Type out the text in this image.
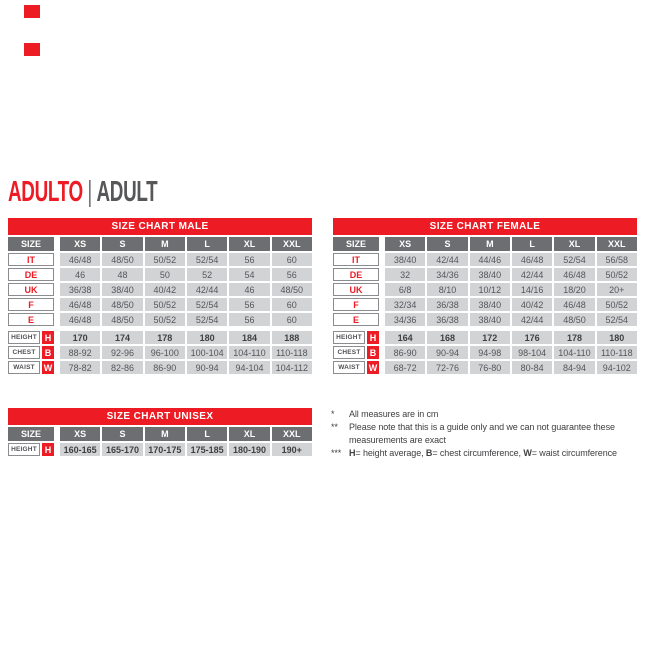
ADULTO | ADULT
SIZE CHART MALE
SIZE	XS	S	M	L	XL	XXL
IT	46/48	48/50	50/52	52/54	56	60
DE	46	48	50	52	54	56
UK	36/38	38/40	40/42	42/44	46	48/50
F	46/48	48/50	50/52	52/54	56	60
E	46/48	48/50	50/52	52/54	56	60
HEIGHT H	170	174	178	180	184	188
CHEST	B	88-92	92-96	96-100	100-104	104-110	110-118
WAIST W	78-82	82-86	86-90	90-94	94-104	104-112
SIZE CHART FEMALE
SIZE	XS	S	M	L	XL	XXL
IT	38/40	42/44	44/46	46/48	52/54	56/58
DE	32	34/36	38/40	42/44	46/48	50/52
UK	6/8	8/10	10/12	14/16	18/20	20+
F	32/34	36/38	38/40	40/42	46/48	50/52
E	34/36	36/38	38/40	42/44	48/50	52/54
HEIGHT H	164	168	172	176	178	180
CHEST	B	86-90	90-94	94-98	98-104	104-110	110-118
WAIST W	68-72	72-76	76-80	80-84	84-94	94-102
SIZE CHART UNISEX
SIZE	XS	S	M	L	XL	XXL
HEIGHT H	160-165	165-170	170-175	175-185	180-190	190+
*	All measures are in cm
**	Please note that this is a guide only and we can not guarantee these measurements are exact
*** H= height average, B= chest circumference, W= waist circumference
